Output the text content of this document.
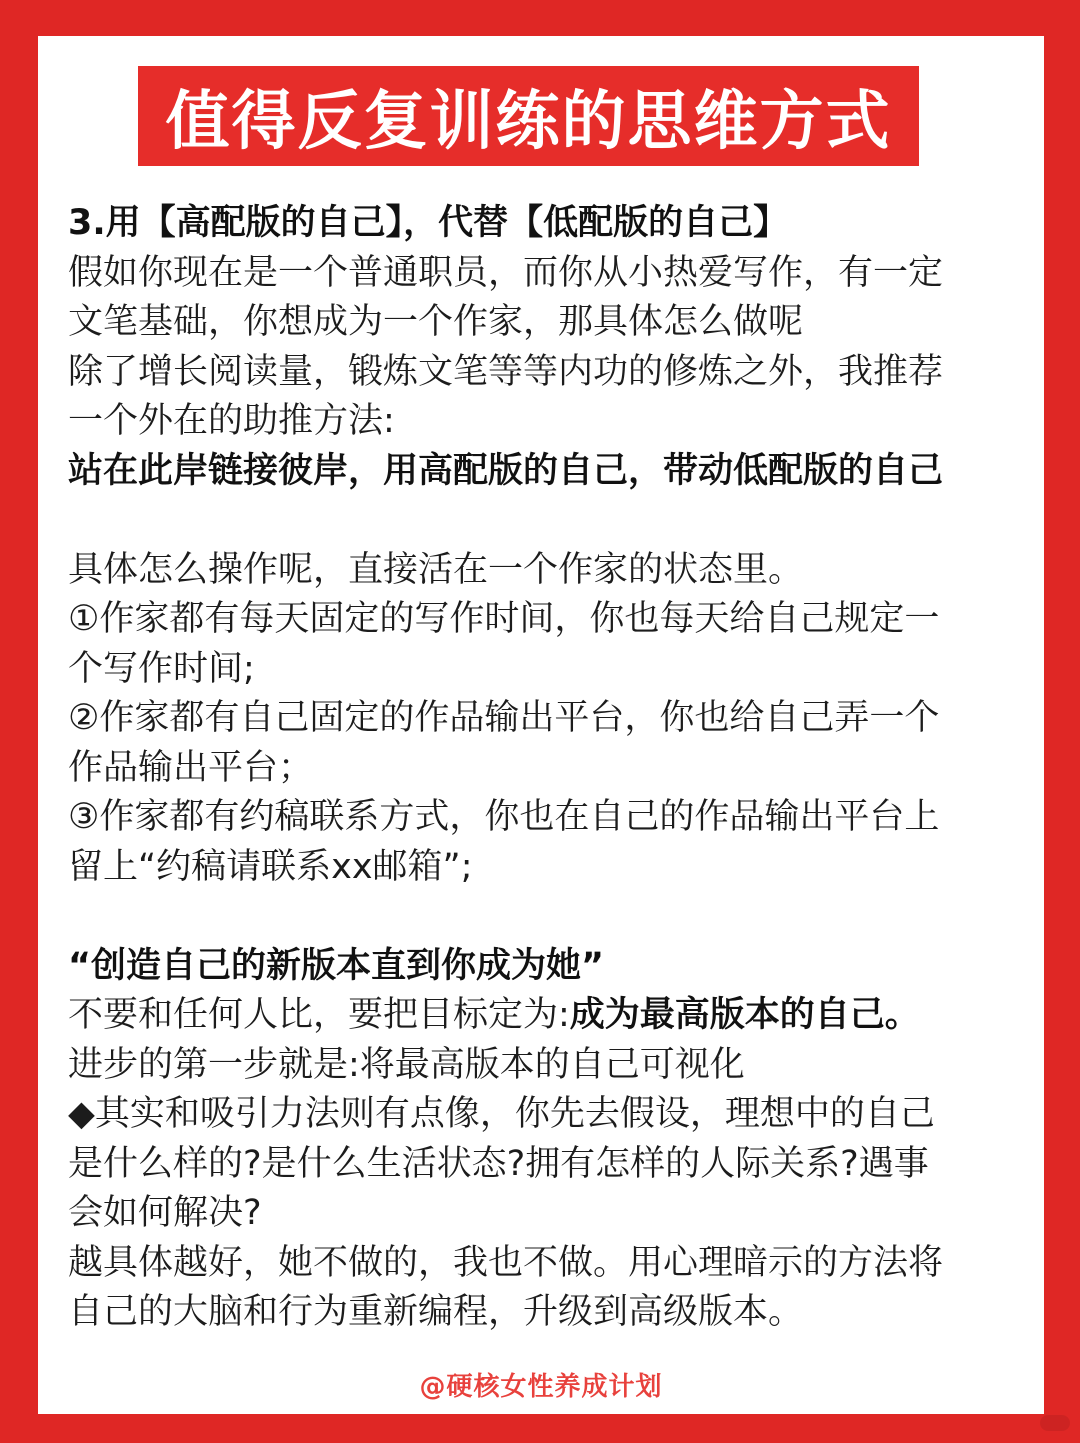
值得反复训练的思维方式
3.用【高配版的自己】，代替【低配版的自己】
假如你现在是一个普通职员，而你从小热爱写作，有一定
文笔基础，你想成为一个作家，那具体怎么做呢
除了增长阅读量，锻炼文笔等等内功的修炼之外，我推荐
一个外在的助推方法:
站在此岸链接彼岸，用高配版的自己，带动低配版的自己
具体怎么操作呢，直接活在一个作家的状态里。
①作家都有每天固定的写作时间，你也每天给自己规定一
个写作时间;
②作家都有自己固定的作品输出平台，你也给自己弄一个
作品输出平台；
③作家都有约稿联系方式，你也在自己的作品输出平台上
留上“约稿请联系xx邮箱”;
“创造自己的新版本直到你成为她”
不要和任何人比，要把目标定为:成为最高版本的自己。
进步的第一步就是:将最高版本的自己可视化
◆其实和吸引力法则有点像，你先去假设，理想中的自己
是什么样的?是什么生活状态?拥有怎样的人际关系?遇事
会如何解决?
越具体越好，她不做的，我也不做。用心理暗示的方法将
自己的大脑和行为重新编程，升级到高级版本。
@硬核女性养成计划
